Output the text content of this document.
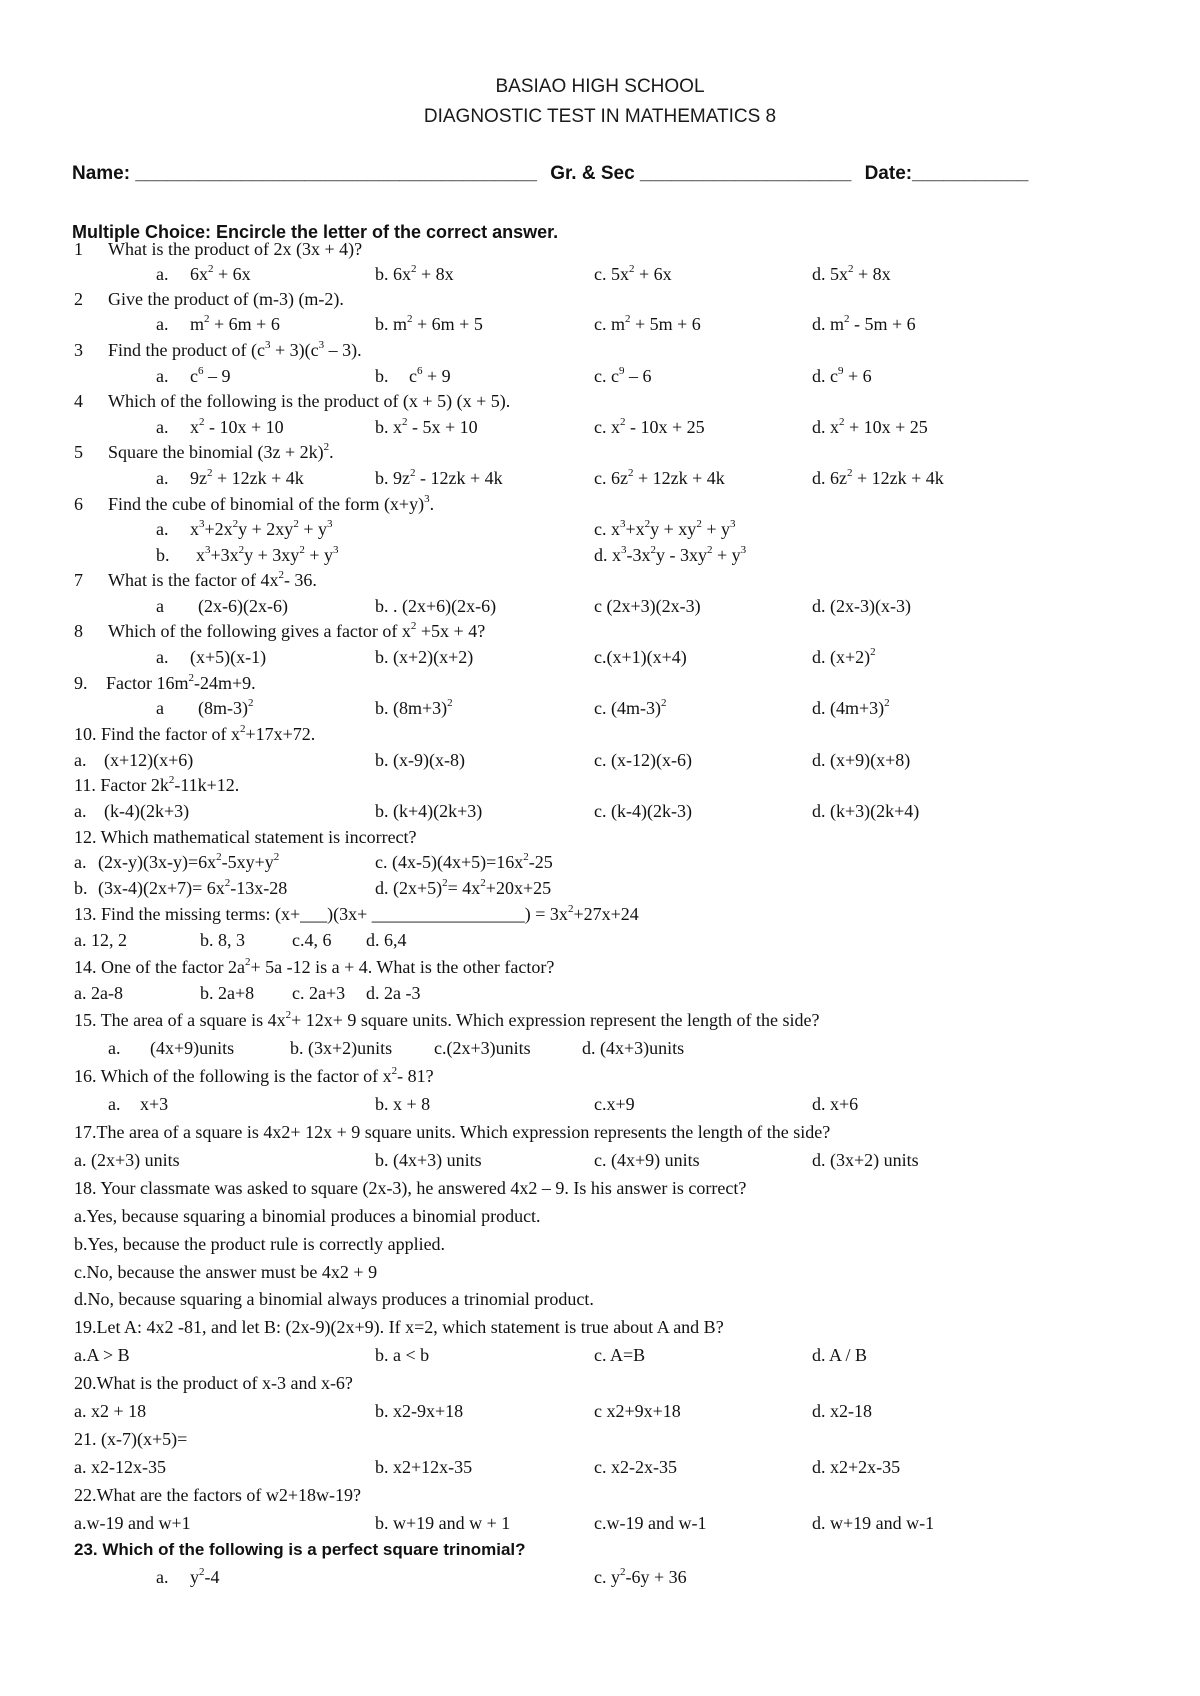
BASIAO HIGH SCHOOL
DIAGNOSTIC TEST IN MATHEMATICS 8
Name: ______________________________________ Gr. & Sec ____________________ Date:___________
Multiple Choice: Encircle the letter of the correct answer.
1 What is the product of 2x (3x + 4)?
a. $6x^2 + 6x$	b. $6x^2 + 8x$	c. $5x^2 + 6x$	d. $5x^2 + 8x$
2 Give the product of (m-3) (m-2).
a. $m^2 + 6m + 6$	b. $m^2 + 6m + 5$	c. $m^2 + 5m + 6$	d. $m^2 - 5m + 6$
3 Find the product of $(c^3 + 3)(c^3 - 3)$.
a. $c^6 - 9$	b. $c^6 + 9$	c. $c^9 - 6$	d. $c^9 + 6$
4 Which of the following is the product of (x + 5) (x + 5).
a. $x^2 - 10x + 10$	b. $x^2 - 5x + 10$	c. $x^2 - 10x + 25$	d. $x^2 + 10x + 25$
5 Square the binomial $(3z + 2k)^2$.
a. $9z^2 + 12zk + 4k$	b. $9z^2 - 12zk + 4k$	c. $6z^2 + 12zk + 4k$	d. $6z^2 + 12zk + 4k$
6 Find the cube of binomial of the form $(x+y)^3$.
a. $x^3+2x^2y + 2xy^2 + y^3$	c. $x^3+x^2y + xy^2 + y^3$
b. $x^3+3x^2y + 3xy^2 + y^3$	d. $x^3-3x^2y - 3xy^2 + y^3$
7 What is the factor of $4x^2-$ 36.
a (2x-6)(2x-6)	b. . (2x+6)(2x-6)	c (2x+3)(2x-3)	d. (2x-3)(x-3)
8 Which of the following gives a factor of $x^2 +5x + 4$?
a. (x+5)(x-1)	b. (x+2)(x+2)	c.(x+1)(x+4)	d. $(x+2)^2$
9. Factor $16m^2-24m+9$.
a $(8m-3)^2$	b. $(8m+3)^2$	c. $(4m-3)^2$	d. $(4m+3)^2$
10. Find the factor of $x^2+17x+72$.
a. (x+12)(x+6)	b. (x-9)(x-8)	c. (x-12)(x-6)	d. (x+9)(x+8)
11. Factor $2k^2-11k+12$.
a. (k-4)(2k+3)	b. (k+4)(2k+3)	c. (k-4)(2k-3)	d. (k+3)(2k+4)
12. Which mathematical statement is incorrect?
a. $(2x-y)(3x-y)=6x^2-5xy+y^2$	c. $(4x-5)(4x+5)=16x^2-25$
b. $(3x-4)(2x+7)= 6x^2-13x-28$	d. $(2x+5)^2= 4x^2+20x+25$
13. Find the missing terms: (x+___)(3x+ _________________) = $3x^2+27x+24$
a. 12, 2	b. 8, 3	c.4, 6 d. 6,4
14. One of the factor $2a^2+ 5a$ -12 is a + 4. What is the other factor?
a. 2a-8	b. 2a+8 c. 2a+3 d. 2a -3
15. The area of a square is $4x^2+ 12x+ 9$ square units. Which expression represent the length of the side?
a. (4x+9)units	b. (3x+2)units c.(2x+3)units	d. (4x+3)units
16. Which of the following is the factor of $x^2-$ 81?
a. x+3	b. x + 8	c.x+9	d. x+6
17.The area of a square is 4x2+ 12x + 9 square units. Which expression represents the length of the side?
a. (2x+3) units	b. (4x+3) units	c. (4x+9) units	d. (3x+2) units
18. Your classmate was asked to square (2x-3), he answered 4x2 – 9. Is his answer is correct?
a.Yes, because squaring a binomial produces a binomial product.
b.Yes, because the product rule is correctly applied.
c.No, because the answer must be 4x2 + 9
d.No, because squaring a binomial always produces a trinomial product.
19.Let A: 4x2 -81, and let B: (2x-9)(2x+9). If x=2, which statement is true about A and B?
a.A > B	b. a < b	c. A=B	d. A / B
20.What is the product of x-3 and x-6?
a. x2 + 18	b. x2-9x+18	c x2+9x+18	d. x2-18
21. (x-7)(x+5)=
a. x2-12x-35	b. x2+12x-35	c. x2-2x-35	d. x2+2x-35
22.What are the factors of w2+18w-19?
a.w-19 and w+1	b. w+19 and w + 1	c.w-19 and w-1	d. w+19 and w-1
23. Which of the following is a perfect square trinomial?
a. $y^2-4$	c. $y^2-6y + 36$
